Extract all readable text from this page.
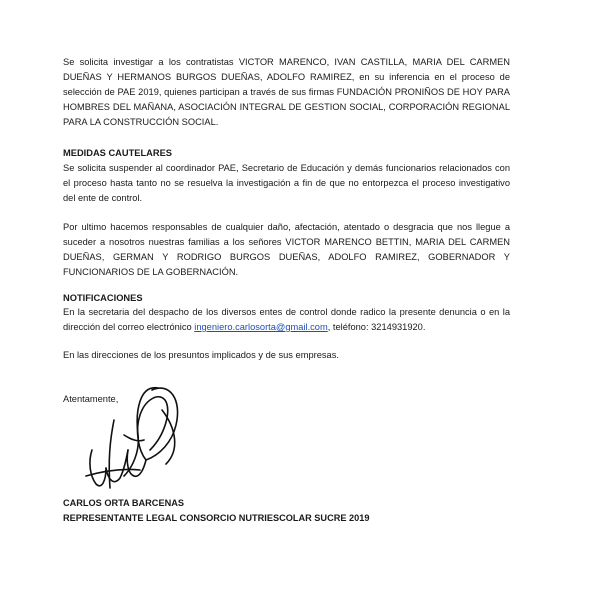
Se solicita investigar a los contratistas VICTOR MARENCO, IVAN CASTILLA, MARIA DEL CARMEN DUEÑAS Y HERMANOS BURGOS DUEÑAS, ADOLFO RAMIREZ, en su inferencia en el proceso de selección de PAE 2019, quienes participan a través de sus firmas FUNDACIÓN PRONIÑOS DE HOY PARA HOMBRES DEL MAÑANA, ASOCIACIÓN INTEGRAL DE GESTION SOCIAL, CORPORACIÓN REGIONAL PARA LA CONSTRUCCIÓN SOCIAL.

MEDIDAS CAUTELARES

Se solicita suspender al coordinador PAE, Secretario de Educación y demás funcionarios relacionados con el proceso hasta tanto no se resuelva la investigación a fin de que no entorpezca el proceso investigativo del ente de control.

Por ultimo hacemos responsables de cualquier daño, afectación, atentado o desgracia que nos llegue a suceder a nosotros nuestras familias a los señores VICTOR MARENCO BETTIN, MARIA DEL CARMEN DUEÑAS, GERMAN Y RODRIGO BURGOS DUEÑAS, ADOLFO RAMIREZ, GOBERNADOR Y FUNCIONARIOS DE LA GOBERNACIÓN.

NOTIFICACIONES

En la secretaria del despacho de los diversos entes de control donde radico la presente denuncia o en la dirección del correo electrónico ingeniero.carlosorta@gmail.com, teléfono: 3214931920.

En las direcciones de los presuntos implicados y de sus empresas.

Atentamente,

CARLOS ORTA BARCENAS

REPRESENTANTE LEGAL CONSORCIO NUTRIESCOLAR SUCRE 2019
